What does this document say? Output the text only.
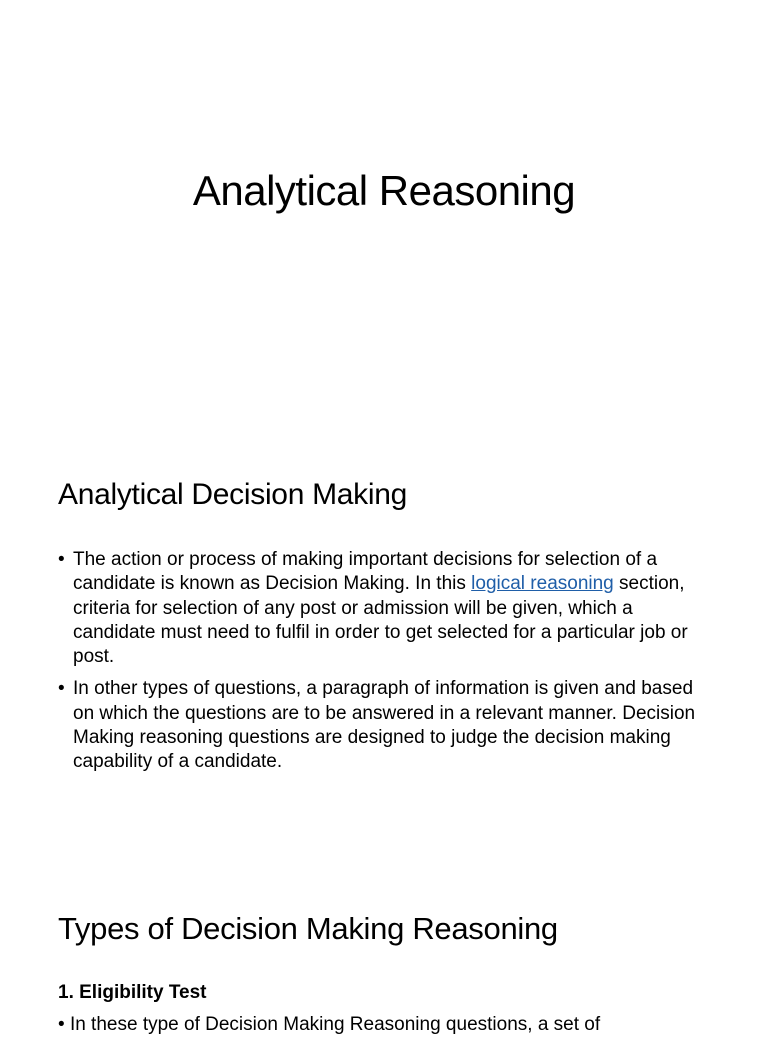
Analytical Reasoning
Analytical Decision Making
• The action or process of making important decisions for selection of a candidate is known as Decision Making. In this logical reasoning section, criteria for selection of any post or admission will be given, which a candidate must need to fulfil in order to get selected for a particular job or post.
• In other types of questions, a paragraph of information is given and based on which the questions are to be answered in a relevant manner. Decision Making reasoning questions are designed to judge the decision making capability of a candidate.
Types of Decision Making Reasoning
1. Eligibility Test
• In these type of Decision Making Reasoning questions, a set of
